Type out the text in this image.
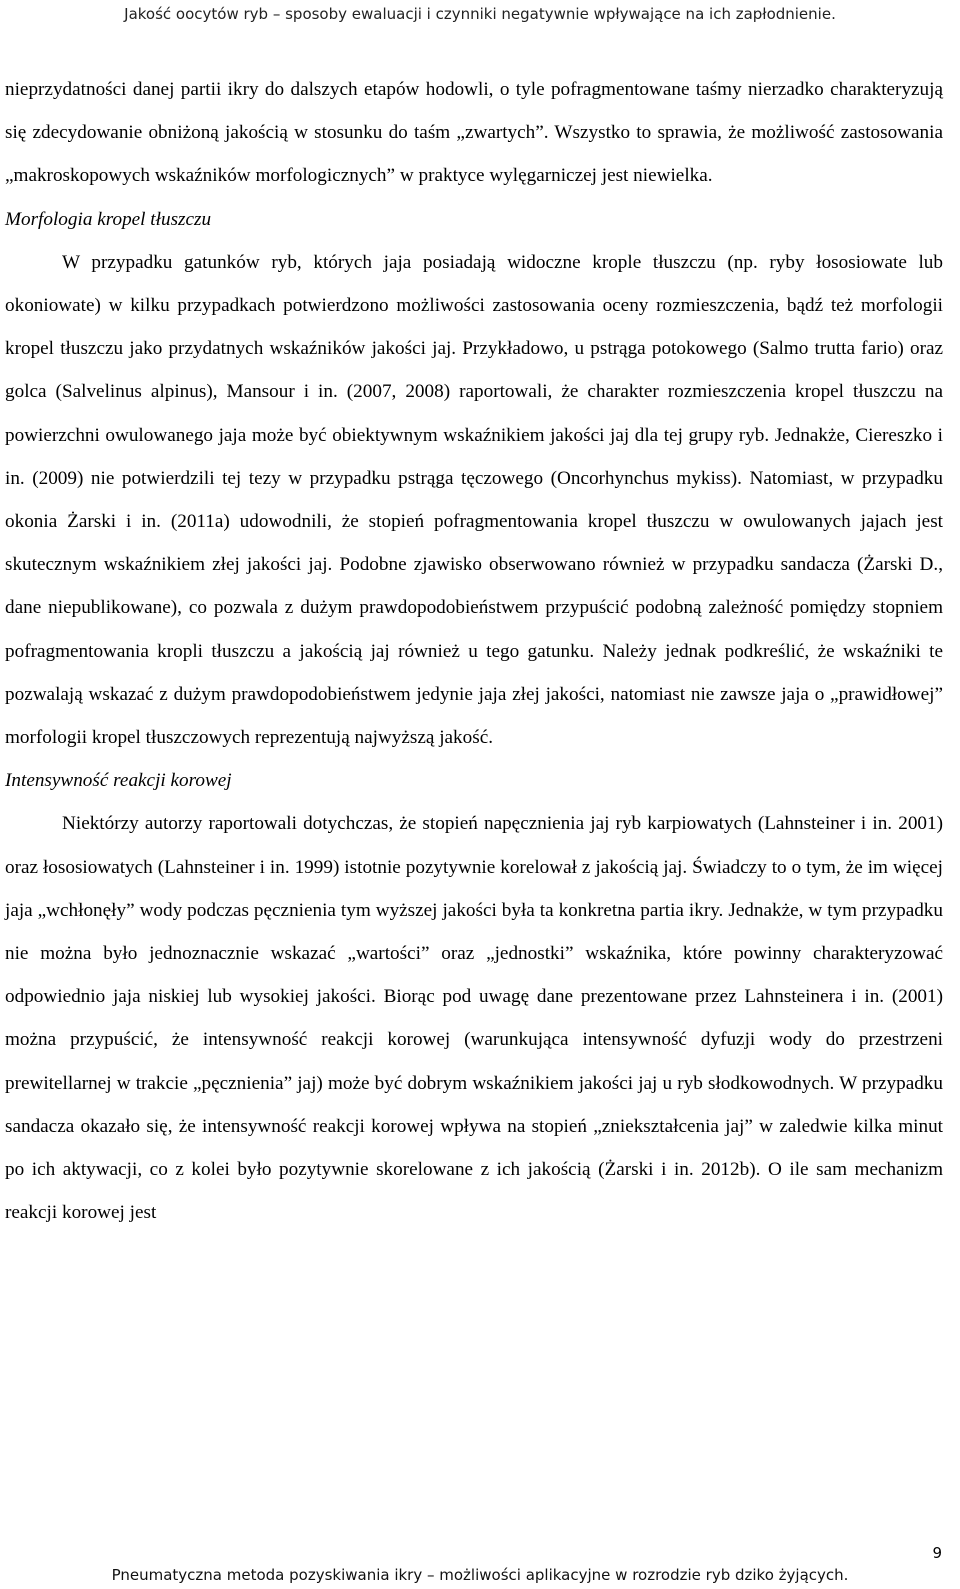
Jakość oocytów ryb – sposoby ewaluacji i czynniki negatywnie wpływające na ich zapłodnienie.

nieprzydatności danej partii ikry do dalszych etapów hodowli, o tyle pofragmentowane taśmy nierzadko charakteryzują się zdecydowanie obniżoną jakością w stosunku do taśm „zwartych”. Wszystko to sprawia, że możliwość zastosowania „makroskopowych wskaźników morfologicznych” w praktyce wylęgarniczej jest niewielka.

Morfologia kropel tłuszczu

W przypadku gatunków ryb, których jaja posiadają widoczne krople tłuszczu (np. ryby łososiowate lub okoniowate) w kilku przypadkach potwierdzono możliwości zastosowania oceny rozmieszczenia, bądź też morfologii kropel tłuszczu jako przydatnych wskaźników jakości jaj. Przykładowo, u pstrąga potokowego (Salmo trutta fario) oraz golca (Salvelinus alpinus), Mansour i in. (2007, 2008) raportowali, że charakter rozmieszczenia kropel tłuszczu na powierzchni owulowanego jaja może być obiektywnym wskaźnikiem jakości jaj dla tej grupy ryb. Jednakże, Ciereszko i in. (2009) nie potwierdzili tej tezy w przypadku pstrąga tęczowego (Oncorhynchus mykiss). Natomiast, w przypadku okonia Żarski i in. (2011a) udowodnili, że stopień pofragmentowania kropel tłuszczu w owulowanych jajach jest skutecznym wskaźnikiem złej jakości jaj. Podobne zjawisko obserwowano również w przypadku sandacza (Żarski D., dane niepublikowane), co pozwala z dużym prawdopodobieństwem przypuścić podobną zależność pomiędzy stopniem pofragmentowania kropli tłuszczu a jakością jaj również u tego gatunku. Należy jednak podkreślić, że wskaźniki te pozwalają wskazać z dużym prawdopodobieństwem jedynie jaja złej jakości, natomiast nie zawsze jaja o „prawidłowej” morfologii kropel tłuszczowych reprezentują najwyższą jakość.

Intensywność reakcji korowej

Niektórzy autorzy raportowali dotychczas, że stopień napęcznienia jaj ryb karpiowatych (Lahnsteiner i in. 2001) oraz łososiowatych (Lahnsteiner i in. 1999) istotnie pozytywnie korelował z jakością jaj. Świadczy to o tym, że im więcej jaja „wchłonęły” wody podczas pęcznienia tym wyższej jakości była ta konkretna partia ikry. Jednakże, w tym przypadku nie można było jednoznacznie wskazać „wartości” oraz „jednostki” wskaźnika, które powinny charakteryzować odpowiednio jaja niskiej lub wysokiej jakości. Biorąc pod uwagę dane prezentowane przez Lahnsteinera i in. (2001) można przypuścić, że intensywność reakcji korowej (warunkująca intensywność dyfuzji wody do przestrzeni prewitellarnej w trakcie „pęcznienia” jaj) może być dobrym wskaźnikiem jakości jaj u ryb słodkowodnych. W przypadku sandacza okazało się, że intensywność reakcji korowej wpływa na stopień „zniekształcenia jaj” w zaledwie kilka minut po ich aktywacji, co z kolei było pozytywnie skorelowane z ich jakością (Żarski i in. 2012b). O ile sam mechanizm reakcji korowej jest

9
Pneumatyczna metoda pozyskiwania ikry – możliwości aplikacyjne w rozrodzie ryb dziko żyjących.
